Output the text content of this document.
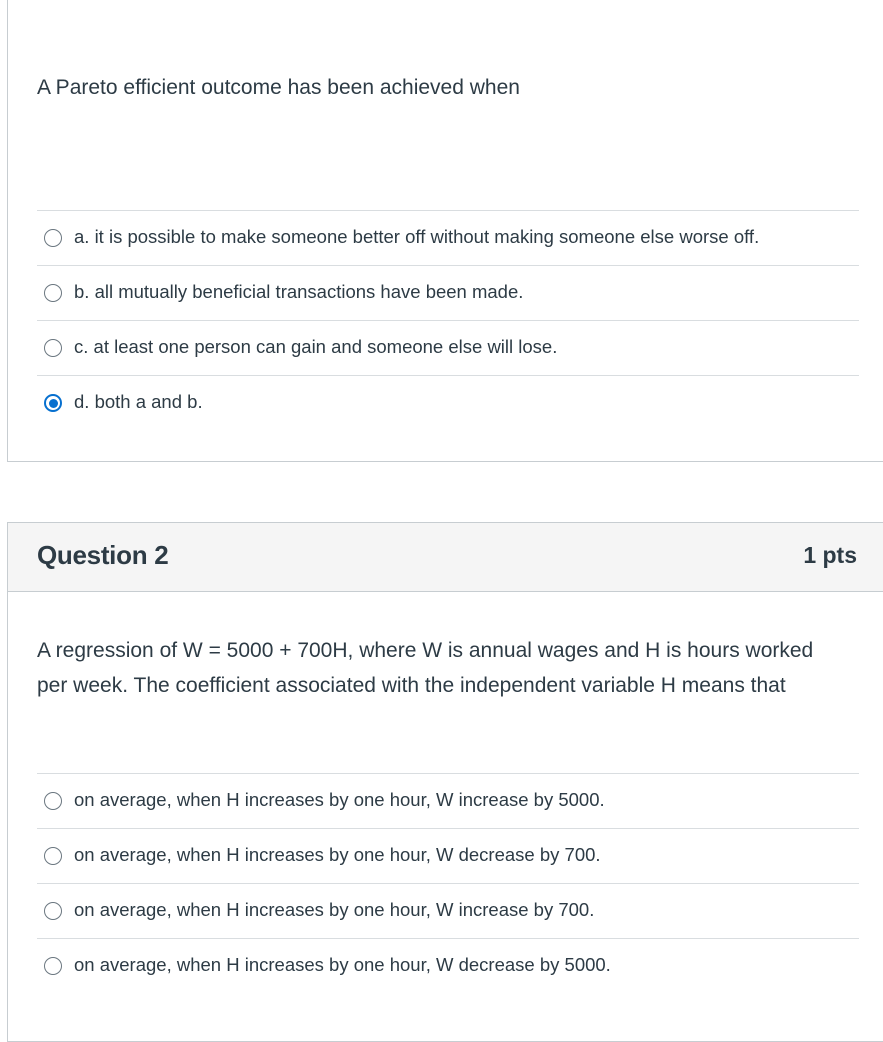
A Pareto efficient outcome has been achieved when
a. it is possible to make someone better off without making someone else worse off.
b. all mutually beneficial transactions have been made.
c. at least one person can gain and someone else will lose.
d. both a and b.
Question 2	1 pts
A regression of W = 5000 + 700H, where W is annual wages and H is hours worked per week. The coefficient associated with the independent variable H means that
on average, when H increases by one hour, W increase by 5000.
on average, when H increases by one hour, W decrease by 700.
on average, when H increases by one hour, W increase by 700.
on average, when H increases by one hour, W decrease by 5000.
